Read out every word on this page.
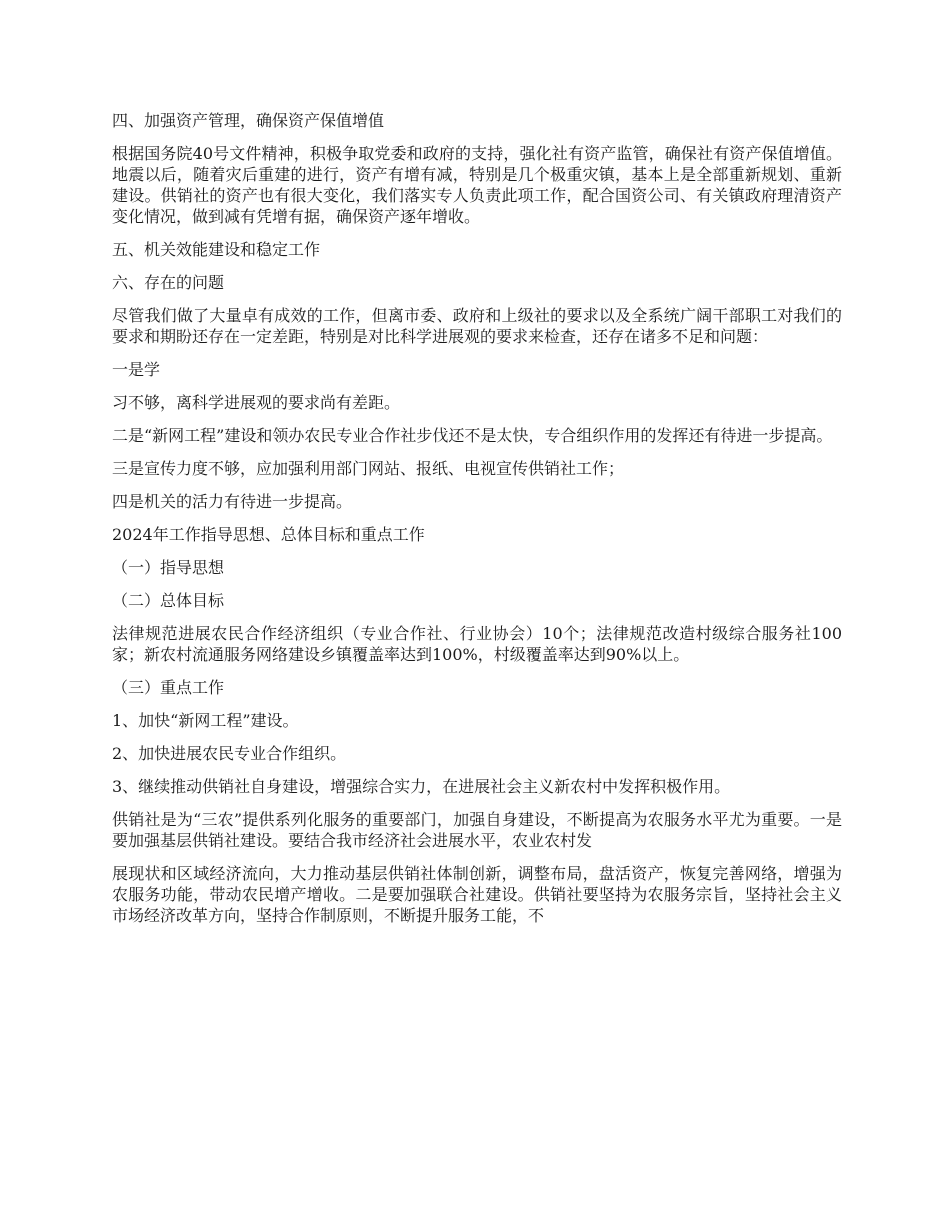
四、加强资产管理，确保资产保值增值

根据国务院40号文件精神，积极争取党委和政府的支持，强化社有资产监管，确保社有资产保值增值。地震以后，随着灾后重建的进行，资产有增有减，特别是几个极重灾镇，基本上是全部重新规划、重新建设。供销社的资产也有很大变化，我们落实专人负责此项工作，配合国资公司、有关镇政府理清资产变化情况，做到减有凭增有据，确保资产逐年增收。

五、机关效能建设和稳定工作

六、存在的问题

尽管我们做了大量卓有成效的工作，但离市委、政府和上级社的要求以及全系统广阔干部职工对我们的要求和期盼还存在一定差距，特别是对比科学进展观的要求来检查，还存在诸多不足和问题：

一是学

习不够，离科学进展观的要求尚有差距。

二是“新网工程”建设和领办农民专业合作社步伐还不是太快，专合组织作用的发挥还有待进一步提高。

三是宣传力度不够，应加强利用部门网站、报纸、电视宣传供销社工作；

四是机关的活力有待进一步提高。

2024年工作指导思想、总体目标和重点工作

（一）指导思想

（二）总体目标

法律规范进展农民合作经济组织（专业合作社、行业协会）10个；法律规范改造村级综合服务社100家；新农村流通服务网络建设乡镇覆盖率达到100%，村级覆盖率达到90%以上。

（三）重点工作

1、加快“新网工程”建设。

2、加快进展农民专业合作组织。

3、继续推动供销社自身建设，增强综合实力，在进展社会主义新农村中发挥积极作用。

供销社是为“三农”提供系列化服务的重要部门，加强自身建设，不断提高为农服务水平尤为重要。一是要加强基层供销社建设。要结合我市经济社会进展水平，农业农村发

展现状和区域经济流向，大力推动基层供销社体制创新，调整布局，盘活资产，恢复完善网络，增强为农服务功能，带动农民增产增收。二是要加强联合社建设。供销社要坚持为农服务宗旨，坚持社会主义市场经济改革方向，坚持合作制原则，不断提升服务工能，不
